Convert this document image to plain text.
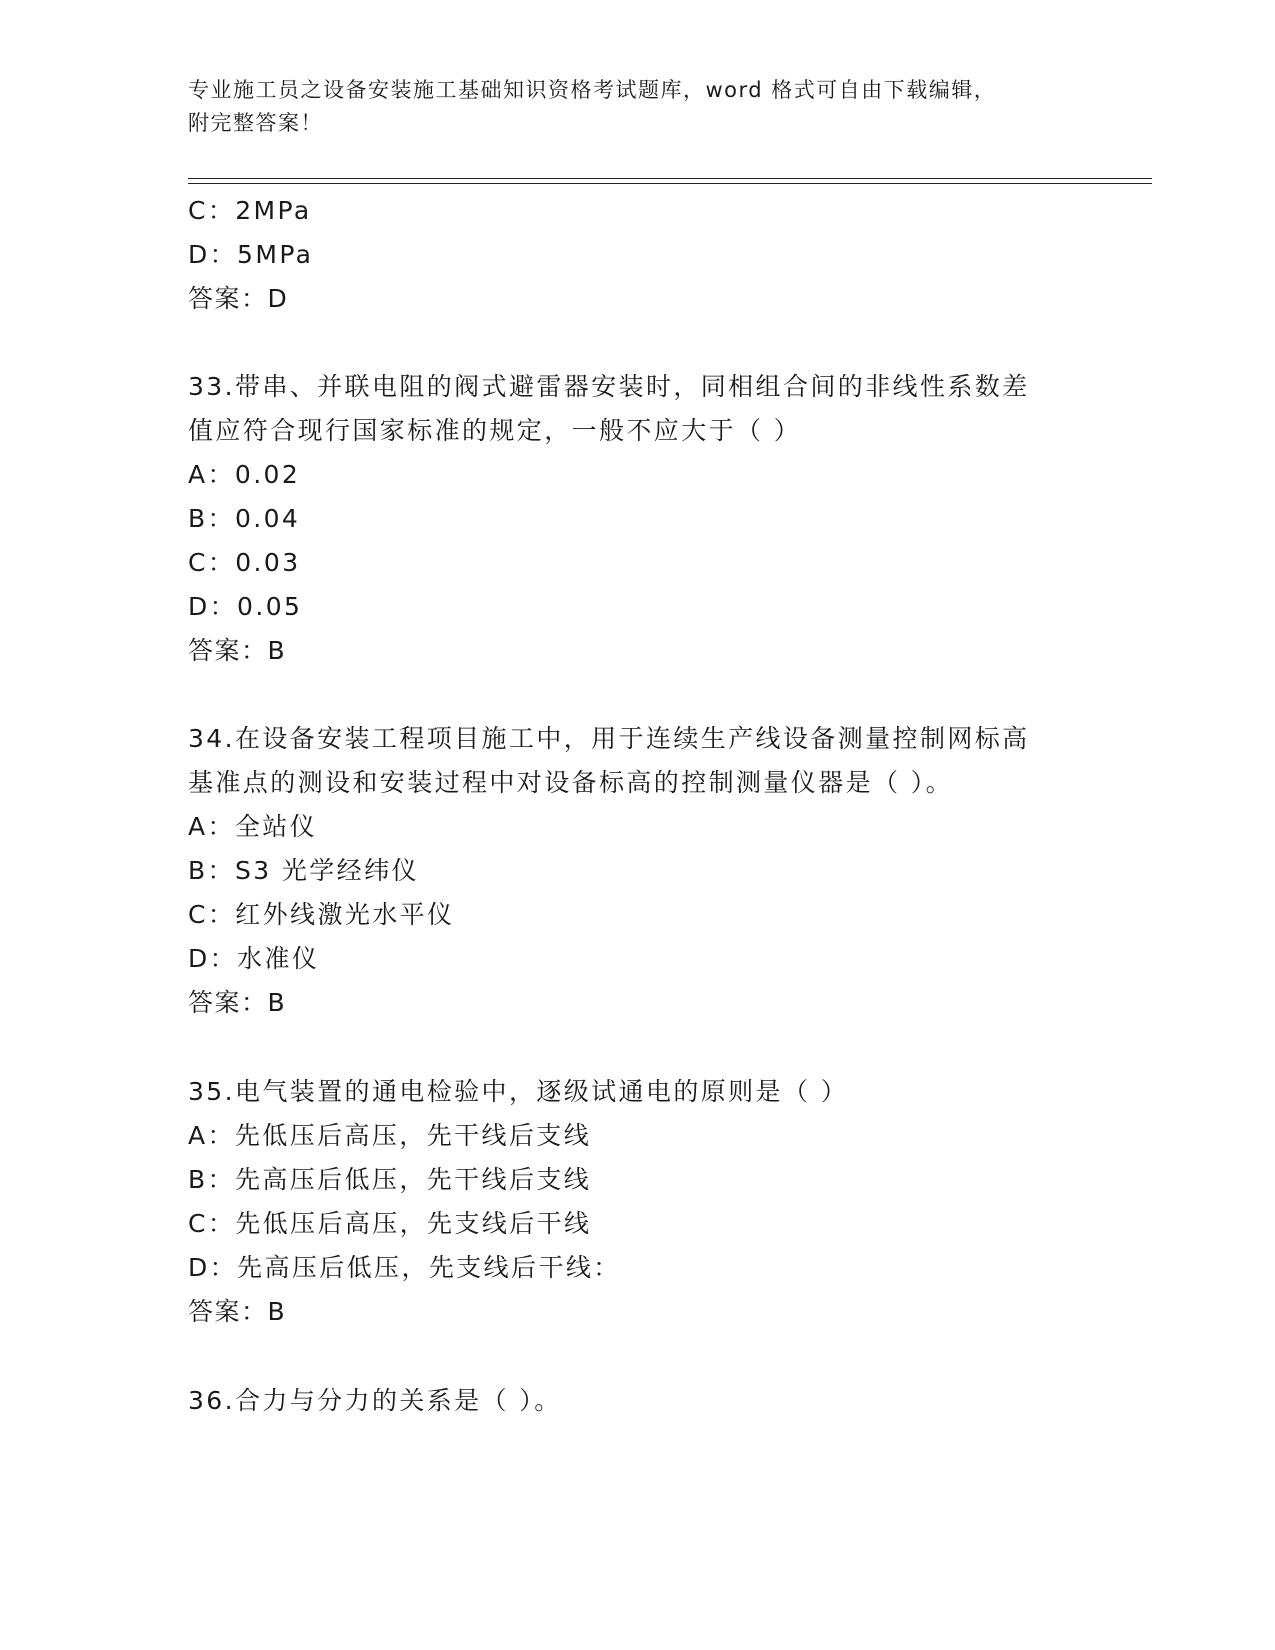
专业施工员之设备安装施工基础知识资格考试题库，word 格式可自由下载编辑，
附完整答案！
C：2MPa
D：5MPa
答案：D
33.带串、并联电阻的阀式避雷器安装时，同相组合间的非线性系数差
值应符合现行国家标准的规定，一般不应大于（ ）
A：0.02
B：0.04
C：0.03
D：0.05
答案：B
34.在设备安装工程项目施工中，用于连续生产线设备测量控制网标高
基准点的测设和安装过程中对设备标高的控制测量仪器是（ ）。
A：全站仪
B：S3 光学经纬仪
C：红外线激光水平仪
D：水准仪
答案：B
35.电气装置的通电检验中，逐级试通电的原则是（ ）
A：先低压后高压，先干线后支线
B：先高压后低压，先干线后支线
C：先低压后高压，先支线后干线
D：先高压后低压，先支线后干线：
答案：B
36.合力与分力的关系是（ ）。
